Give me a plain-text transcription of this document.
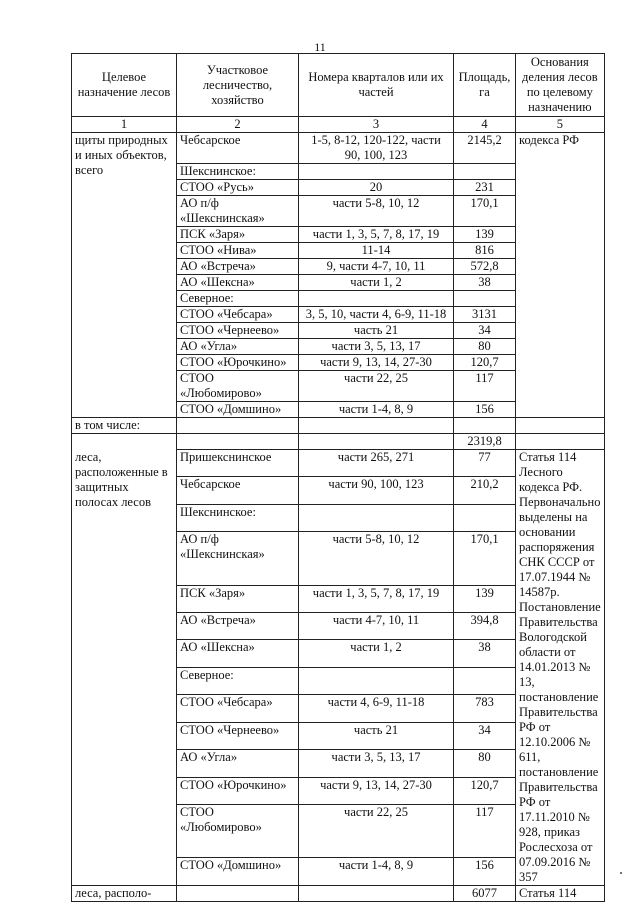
11
Целевое назначение лесов	Участковое лесничество, хозяйство	Номера кварталов или их частей	Площадь, га	Основания деления лесов по целевому назначению
1	2	3	4	5
щиты природных и иных объектов, всего	Чебсарское	1-5, 8-12, 120-122, части 90, 100, 123	2145,2	кодекса РФ
	Шекснинское:			
	СТОО «Русь»	20	231	
	АО п/ф «Шекснинская»	части 5-8, 10, 12	170,1	
	ПСК «Заря»	части 1, 3, 5, 7, 8, 17, 19	139	
	СТОО «Нива»	11-14	816	
	АО «Встреча»	9, части 4-7, 10, 11	572,8	
	АО «Шексна»	части 1, 2	38	
	Северное:			
	СТОО «Чебсара»	3, 5, 10, части 4, 6-9, 11-18	3131	
	СТОО «Чернеево»	часть 21	34	
	АО «Угла»	части 3, 5, 13, 17	80	
	СТОО «Юрочкино»	части 9, 13, 14, 27-30	120,7	
	СТОО «Любомирово»	части 22, 25	117	
	СТОО «Домшино»	части 1-4, 8, 9	156	
в том числе:				
			2319,8	
леса, расположенные в защитных полосах лесов	Пришекснинское	части 265, 271	77	Статья 114 Лесного кодекса РФ. Первоначально выделены на основании распоряжения СНК СССР от 17.07.1944 № 14587р. Постановление Правительства Вологодской области от 14.01.2013 № 13, постановление Правительства РФ от 12.10.2006 № 611, постановление Правительства РФ от 17.11.2010 № 928, приказ Рослесхоза от 07.09.2016 № 357
	Чебсарское	части 90, 100, 123	210,2	
	Шекснинское:			
	АО п/ф «Шекснинская»	части 5-8, 10, 12	170,1	
	ПСК «Заря»	части 1, 3, 5, 7, 8, 17, 19	139	
	АО «Встреча»	части 4-7, 10, 11	394,8	
	АО «Шексна»	части 1, 2	38	
	Северное:			
	СТОО «Чебсара»	части 4, 6-9, 11-18	783	
	СТОО «Чернеево»	часть 21	34	
	АО «Угла»	части 3, 5, 13, 17	80	
	СТОО «Юрочкино»	части 9, 13, 14, 27-30	120,7	
	СТОО «Любомирово»	части 22, 25	117	
	СТОО «Домшино»	части 1-4, 8, 9	156	
леса, располо-			6077	Статья 114
